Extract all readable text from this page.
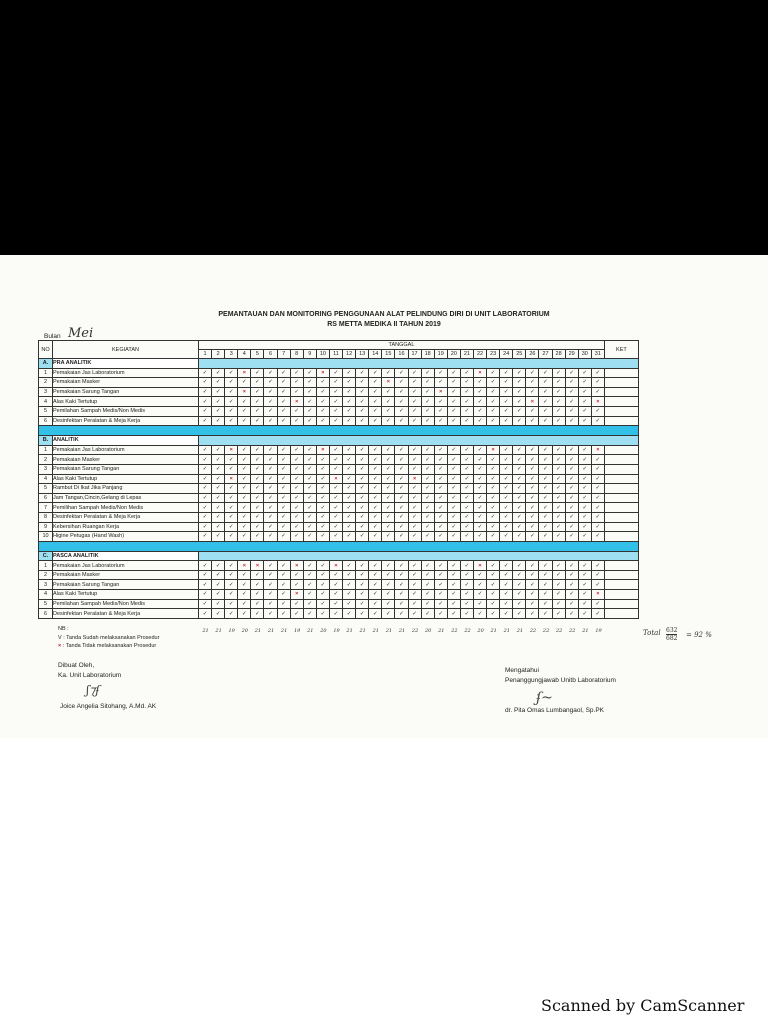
PEMANTAUAN DAN MONITORING PENGGUNAAN ALAT PELINDUNG DIRI DI UNIT LABORATORIUM
RS METTA MEDIKA II TAHUN 2019
Bulan Mei
NO	KEGIATAN	TANGGAL																															KET
		1	2	3	4	5	6	7	8	9	10	11	12	13	14	15	16	17	18	19	20	21	22	23	24	25	26	27	28	29	30	31	
A.	PRA ANALITIK																																
1	Pemakaian Jas Laboratorium	✓	✓	✓	×	✓	✓	✓	✓	✓	×	✓	✓	✓	✓	✓	✓	✓	✓	✓	✓	✓	×	✓	✓	✓	✓	✓	✓	✓	✓	✓	
2	Pemakaian Masker	✓	✓	✓	✓	✓	✓	✓	✓	✓	✓	✓	✓	✓	✓	×	✓	✓	✓	✓	✓	✓	✓	✓	✓	✓	✓	✓	✓	✓	✓	✓	
3	Pemakaian Sarung Tangan	✓	✓	✓	×	✓	✓	✓	✓	✓	✓	✓	✓	✓	✓	✓	✓	✓	✓	×	✓	✓	✓	✓	✓	✓	✓	✓	✓	✓	✓	✓	
4	Alas Kaki Tertutup	✓	✓	✓	✓	✓	✓	✓	×	✓	✓	✓	✓	✓	✓	✓	✓	✓	✓	✓	✓	✓	✓	✓	✓	✓	×	✓	✓	✓	✓	×	
5	Pemilahan Sampah Medis/Non Medis	✓	✓	✓	✓	✓	✓	✓	✓	✓	✓	✓	✓	✓	✓	✓	✓	✓	✓	✓	✓	✓	✓	✓	✓	✓	✓	✓	✓	✓	✓	✓	
6	Desinfektan Peralatan & Meja Kerja	✓	✓	✓	✓	✓	✓	✓	✓	✓	✓	✓	✓	✓	✓	✓	✓	✓	✓	✓	✓	✓	✓	✓	✓	✓	✓	✓	✓	✓	✓	✓	

B.	ANALITIK																																
1	Pemakaian Jas Laboratorium	✓	✓	×	✓	✓	✓	✓	✓	✓	×	✓	✓	✓	✓	✓	✓	✓	✓	✓	✓	✓	✓	×	✓	✓	✓	✓	✓	✓	✓	×	
2	Pemakaian Masker	✓	✓	✓	✓	✓	✓	✓	✓	✓	✓	✓	✓	✓	✓	✓	✓	✓	✓	✓	✓	✓	✓	✓	✓	✓	✓	✓	✓	✓	✓	✓	
3	Pemakaian Sarung Tangan	✓	✓	✓	✓	✓	✓	✓	✓	✓	✓	✓	✓	✓	✓	✓	✓	✓	✓	✓	✓	✓	✓	✓	✓	✓	✓	✓	✓	✓	✓	✓	
4	Alas Kaki Tertutup	✓	✓	×	✓	✓	✓	✓	✓	✓	✓	×	✓	✓	✓	✓	✓	×	✓	✓	✓	✓	✓	✓	✓	✓	✓	✓	✓	✓	✓	✓	
5	Rambut Di Ikat Jika Panjang	✓	✓	✓	✓	✓	✓	✓	✓	✓	✓	✓	✓	✓	✓	✓	✓	✓	✓	✓	✓	✓	✓	✓	✓	✓	✓	✓	✓	✓	✓	✓	
6	Jam Tangan,Cincin,Gelang di Lepas	✓	✓	✓	✓	✓	✓	✓	✓	✓	✓	✓	✓	✓	✓	✓	✓	✓	✓	✓	✓	✓	✓	✓	✓	✓	✓	✓	✓	✓	✓	✓	
7	Pemilihan Sampah Medis/Non Medis	✓	✓	✓	✓	✓	✓	✓	✓	✓	✓	✓	✓	✓	✓	✓	✓	✓	✓	✓	✓	✓	✓	✓	✓	✓	✓	✓	✓	✓	✓	✓	
8	Desinfektan Peralatan & Meja Kerja	✓	✓	✓	✓	✓	✓	✓	✓	✓	✓	✓	✓	✓	✓	✓	✓	✓	✓	✓	✓	✓	✓	✓	✓	✓	✓	✓	✓	✓	✓	✓	
9	Kebersihan Ruangan Kerja	✓	✓	✓	✓	✓	✓	✓	✓	✓	✓	✓	✓	✓	✓	✓	✓	✓	✓	✓	✓	✓	✓	✓	✓	✓	✓	✓	✓	✓	✓	✓	
10	Higine Petugas (Hand Wash)	✓	✓	✓	✓	✓	✓	✓	✓	✓	✓	✓	✓	✓	✓	✓	✓	✓	✓	✓	✓	✓	✓	✓	✓	✓	✓	✓	✓	✓	✓	✓	

C.	PASCA ANALITIK																																
1	Pemakaian Jas Laboratorium	✓	✓	✓	×	×	✓	✓	×	✓	✓	×	✓	✓	✓	✓	✓	✓	✓	✓	✓	✓	×	✓	✓	✓	✓	✓	✓	✓	✓	✓	
2	Pemakaian Masker	✓	✓	✓	✓	✓	✓	✓	✓	✓	✓	✓	✓	✓	✓	✓	✓	✓	✓	✓	✓	✓	✓	✓	✓	✓	✓	✓	✓	✓	✓	✓	
3	Pemakaian Sarung Tangan	✓	✓	✓	✓	✓	✓	✓	✓	✓	✓	✓	✓	✓	✓	✓	✓	✓	✓	✓	✓	✓	✓	✓	✓	✓	✓	✓	✓	✓	✓	✓	
4	Alas Kaki Tertutup	✓	✓	✓	✓	✓	✓	✓	×	✓	✓	✓	✓	✓	✓	✓	✓	✓	✓	✓	✓	✓	✓	✓	✓	✓	✓	✓	✓	✓	✓	×	
5	Pemilahan Sampah Medis/Non Medis	✓	✓	✓	✓	✓	✓	✓	✓	✓	✓	✓	✓	✓	✓	✓	✓	✓	✓	✓	✓	✓	✓	✓	✓	✓	✓	✓	✓	✓	✓	✓	
6	Desinfektan Peralatan & Meja Kerja	✓	✓	✓	✓	✓	✓	✓	✓	✓	✓	✓	✓	✓	✓	✓	✓	✓	✓	✓	✓	✓	✓	✓	✓	✓	✓	✓	✓	✓	✓	✓	
21	21	19	20	21	21	21	19	21	20	19	21	21	21	21	21	22	20	21	22	22	20	21	21	21	22	22	22	22	21	19	Total $\frac{632}{682} = 92$ %
NB :
V : Tanda Sudah melaksanakan Prosedur
× : Tanda Tidak melaksanakan Prosedur
Dibuat Oleh,
Ka. Unit Laboratorium
ʃ⁊ʄ
Joice Angelia Sitohang, A.Md. AK
Mengatahui
Penanggungjawab Unitb Laboratorium
ʄ~
dr. Pita Omas Lumbangaol, Sp.PK
Scanned by CamScanner
